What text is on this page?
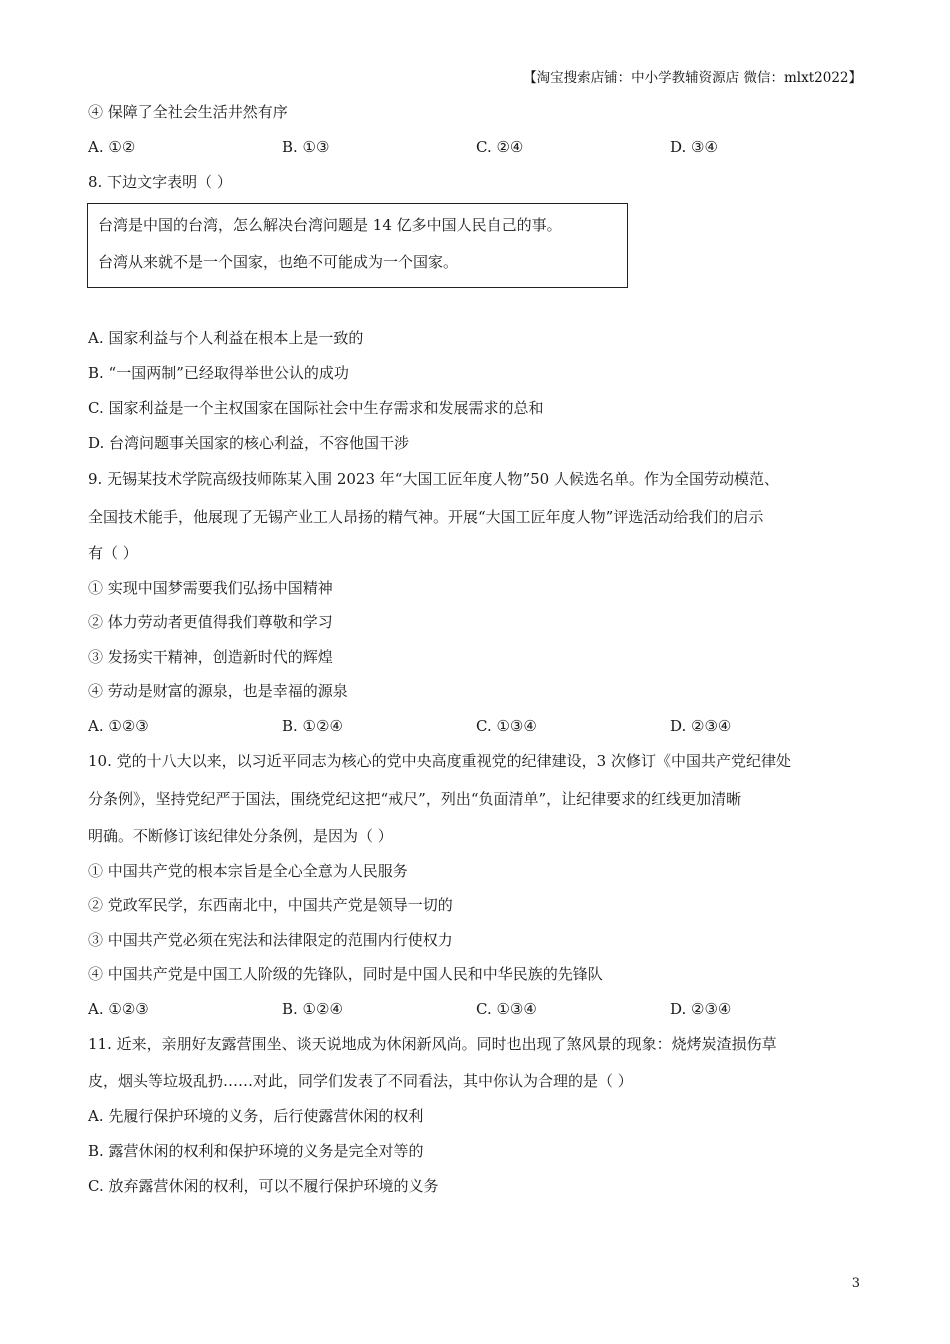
【淘宝搜索店铺：中小学教辅资源店 微信：mlxt2022】
④ 保障了全社会生活井然有序
A. ①②	B. ①③	C. ②④	D. ③④
8. 下边文字表明（ ）
台湾是中国的台湾，怎么解决台湾问题是 14 亿多中国人民自己的事。
台湾从来就不是一个国家，也绝不可能成为一个国家。
A. 国家利益与个人利益在根本上是一致的
B. “一国两制”已经取得举世公认的成功
C. 国家利益是一个主权国家在国际社会中生存需求和发展需求的总和
D. 台湾问题事关国家的核心利益，不容他国干涉
9. 无锡某技术学院高级技师陈某入围 2023 年“大国工匠年度人物”50 人候选名单。作为全国劳动模范、
全国技术能手，他展现了无锡产业工人昂扬的精气神。开展“大国工匠年度人物”评选活动给我们的启示
有（ ）
① 实现中国梦需要我们弘扬中国精神
② 体力劳动者更值得我们尊敬和学习
③ 发扬实干精神，创造新时代的辉煌
④ 劳动是财富的源泉，也是幸福的源泉
A. ①②③	B. ①②④	C. ①③④	D. ②③④
10. 党的十八大以来，以习近平同志为核心的党中央高度重视党的纪律建设，3 次修订《中国共产党纪律处
分条例》，坚持党纪严于国法，围绕党纪这把“戒尺”，列出“负面清单”，让纪律要求的红线更加清晰
明确。不断修订该纪律处分条例，是因为（ ）
① 中国共产党的根本宗旨是全心全意为人民服务
② 党政军民学，东西南北中，中国共产党是领导一切的
③ 中国共产党必须在宪法和法律限定的范围内行使权力
④ 中国共产党是中国工人阶级的先锋队，同时是中国人民和中华民族的先锋队
A. ①②③	B. ①②④	C. ①③④	D. ②③④
11. 近来，亲朋好友露营围坐、谈天说地成为休闲新风尚。同时也出现了煞风景的现象：烧烤炭渣损伤草
皮，烟头等垃圾乱扔……对此，同学们发表了不同看法，其中你认为合理的是（ ）
A. 先履行保护环境的义务，后行使露营休闲的权利
B. 露营休闲的权利和保护环境的义务是完全对等的
C. 放弃露营休闲的权利，可以不履行保护环境的义务
3
